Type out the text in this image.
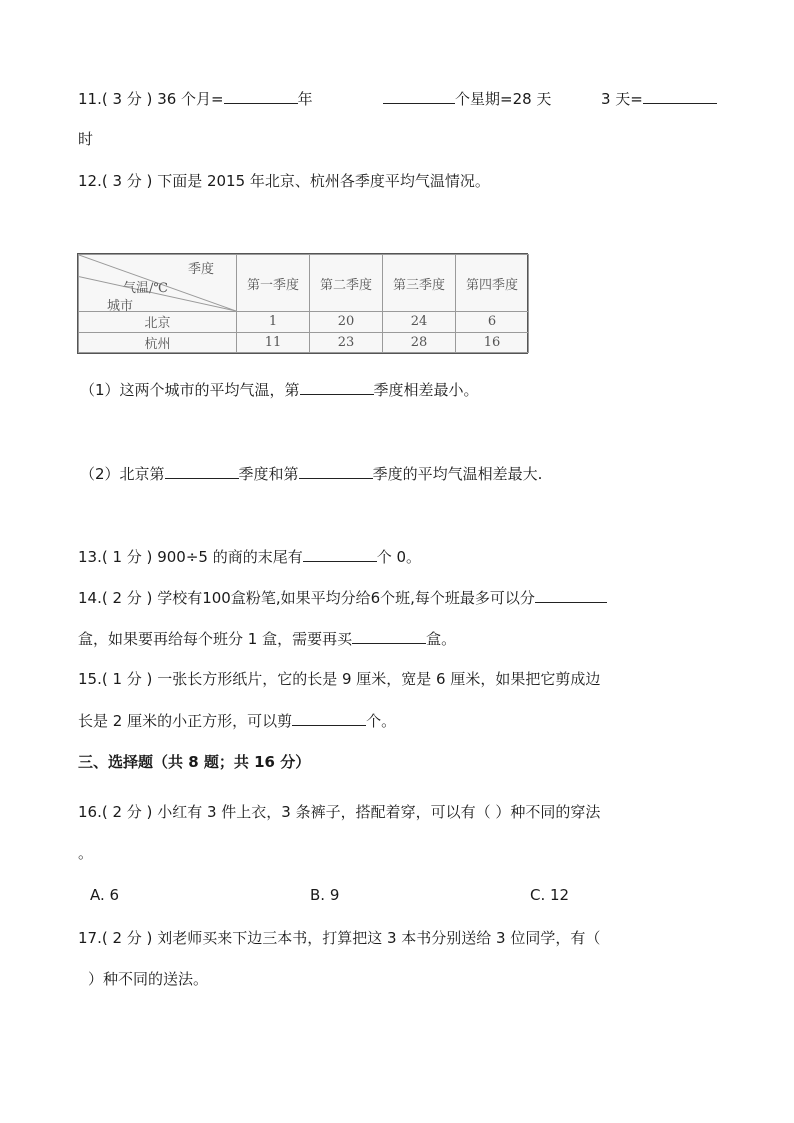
11.( 3 分 ) 36 个月=	年	个星期=28 天	3 天=
时
12.( 3 分 ) 下面是 2015 年北京、杭州各季度平均气温情况。
季度
气温/℃
城市	第一季度	第二季度	第三季度	第四季度
北京	1	20	24	6
杭州	11	23	28	16
（1）这两个城市的平均气温，第	季度相差最小。
（2）北京第	季度和第	季度的平均气温相差最大.
13.( 1 分 ) 900÷5 的商的末尾有	个 0。
14.( 2 分 ) 学校有100盒粉笔,如果平均分给6个班,每个班最多可以分
盒，如果要再给每个班分 1 盒，需要再买	盒。
15.( 1 分 ) 一张长方形纸片，它的长是 9 厘米，宽是 6 厘米，如果把它剪成边
长是 2 厘米的小正方形，可以剪	个。
三、选择题（共 8 题；共 16 分）
16.( 2 分 ) 小红有 3 件上衣，3 条裤子，搭配着穿，可以有（ ）种不同的穿法
。
A. 6	B. 9	C. 12
17.( 2 分 ) 刘老师买来下边三本书，打算把这 3 本书分别送给 3 位同学，有（
）种不同的送法。
